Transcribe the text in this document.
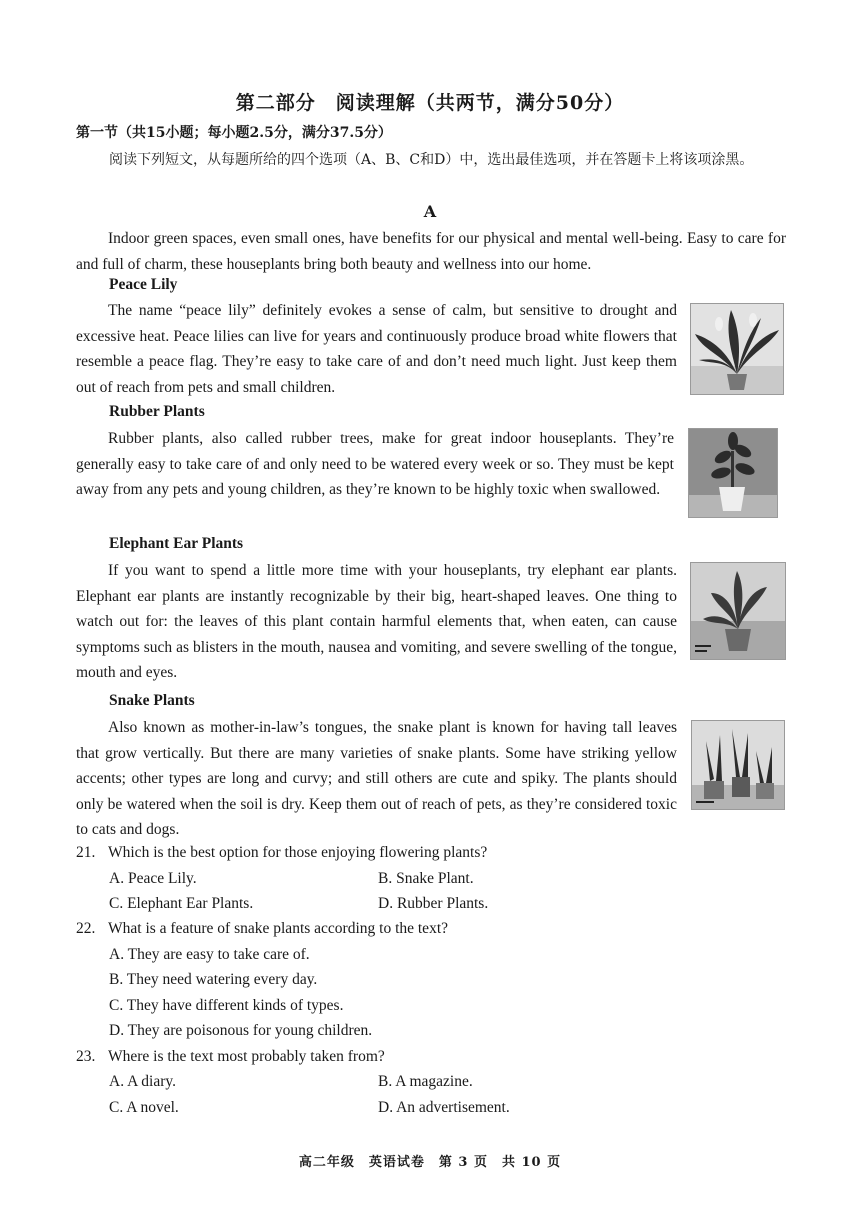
第二部分　阅读理解（共两节，满分50分）
第一节（共15小题；每小题2.5分，满分37.5分）
阅读下列短文，从每题所给的四个选项（A、B、C和D）中，选出最佳选项，并在答题卡上将该项涂黑。
A
Indoor green spaces, even small ones, have benefits for our physical and mental well-being. Easy to care for and full of charm, these houseplants bring both beauty and wellness into our home.
Peace Lily
The name “peace lily” definitely evokes a sense of calm, but sensitive to drought and excessive heat. Peace lilies can live for years and continuously produce broad white flowers that resemble a peace flag. They’re easy to take care of and don’t need much light. Just keep them out of reach from pets and small children.
Rubber Plants
Rubber plants, also called rubber trees, make for great indoor houseplants. They’re generally easy to take care of and only need to be watered every week or so. They must be kept away from any pets and young children, as they’re known to be highly toxic when swallowed.
Elephant Ear Plants
If you want to spend a little more time with your houseplants, try elephant ear plants. Elephant ear plants are instantly recognizable by their big, heart-shaped leaves. One thing to watch out for: the leaves of this plant contain harmful elements that, when eaten, can cause symptoms such as blisters in the mouth, nausea and vomiting, and severe swelling of the tongue, mouth and eyes.
Snake Plants
Also known as mother-in-law’s tongues, the snake plant is known for having tall leaves that grow vertically. But there are many varieties of snake plants. Some have striking yellow accents; other types are long and curvy; and still others are cute and spiky. The plants should only be watered when the soil is dry. Keep them out of reach of pets, as they’re considered toxic to cats and dogs.
21. Which is the best option for those enjoying flowering plants?
A. Peace Lily.	B. Snake Plant.
C. Elephant Ear Plants.	D. Rubber Plants.
22. What is a feature of snake plants according to the text?
A. They are easy to take care of.
B. They need watering every day.
C. They have different kinds of types.
D. They are poisonous for young children.
23. Where is the text most probably taken from?
A. A diary.	B. A magazine.
C. A novel.	D. An advertisement.
高二年级　英语试卷　第 3 页　共 10 页
